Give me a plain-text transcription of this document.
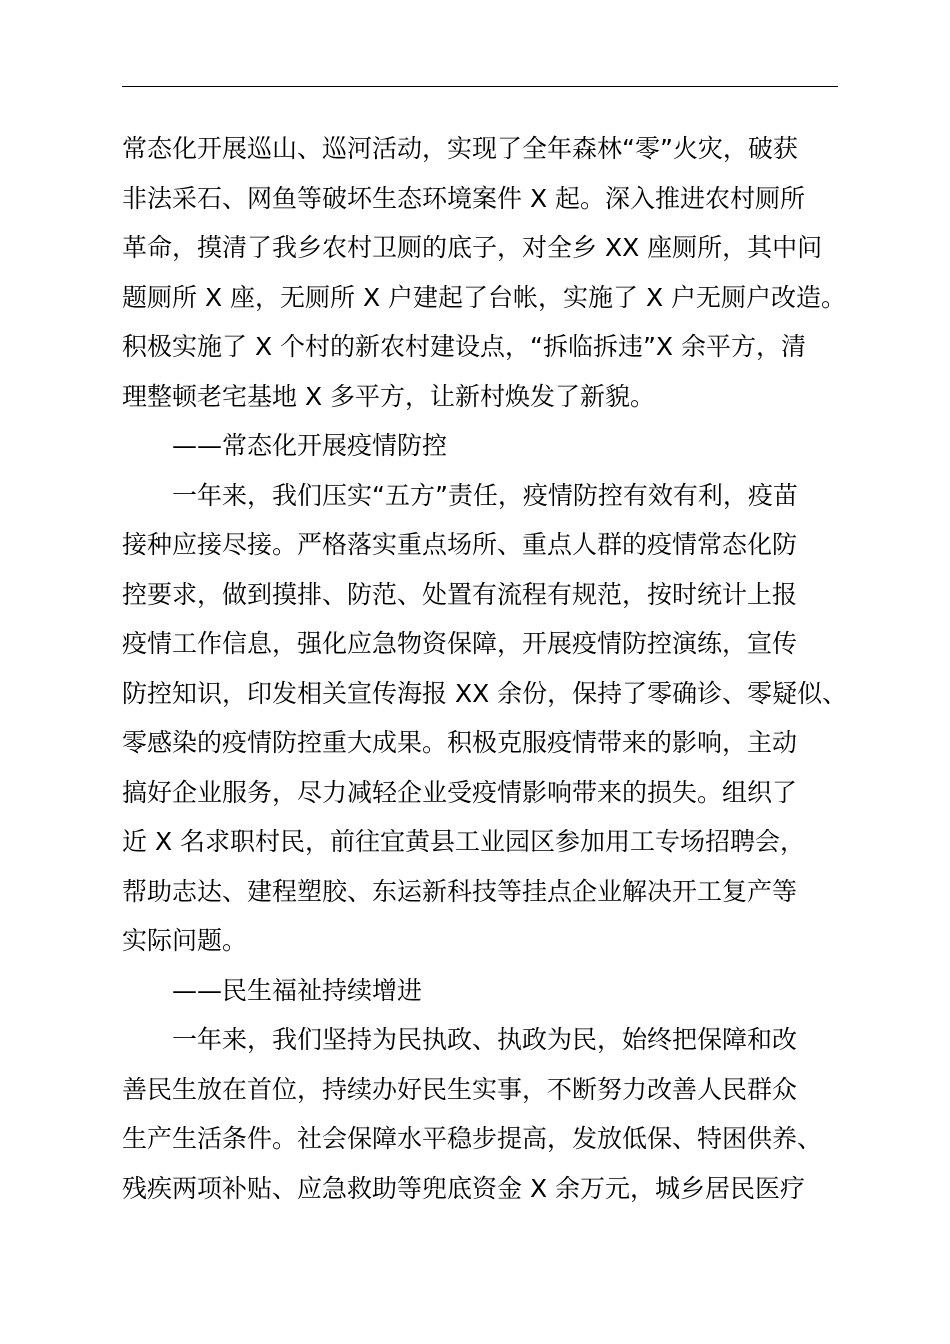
常态化开展巡山、巡河活动，实现了全年森林“零”火灾，破获
非法采石、网鱼等破坏生态环境案件 X 起。深入推进农村厕所
革命，摸清了我乡农村卫厕的底子，对全乡 XX 座厕所，其中问
题厕所 X 座，无厕所 X 户建起了台帐，实施了 X 户无厕户改造。
积极实施了 X 个村的新农村建设点，“拆临拆违”X 余平方，清
理整顿老宅基地 X 多平方，让新村焕发了新貌。
——常态化开展疫情防控
一年来，我们压实“五方”责任，疫情防控有效有利，疫苗
接种应接尽接。严格落实重点场所、重点人群的疫情常态化防
控要求，做到摸排、防范、处置有流程有规范，按时统计上报
疫情工作信息，强化应急物资保障，开展疫情防控演练，宣传
防控知识，印发相关宣传海报 XX 余份，保持了零确诊、零疑似、
零感染的疫情防控重大成果。积极克服疫情带来的影响，主动
搞好企业服务，尽力减轻企业受疫情影响带来的损失。组织了
近 X 名求职村民，前往宜黄县工业园区参加用工专场招聘会，
帮助志达、建程塑胶、东运新科技等挂点企业解决开工复产等
实际问题。
——民生福祉持续增进
一年来，我们坚持为民执政、执政为民，始终把保障和改
善民生放在首位，持续办好民生实事，不断努力改善人民群众
生产生活条件。社会保障水平稳步提高，发放低保、特困供养、
残疾两项补贴、应急救助等兜底资金 X 余万元，城乡居民医疗
